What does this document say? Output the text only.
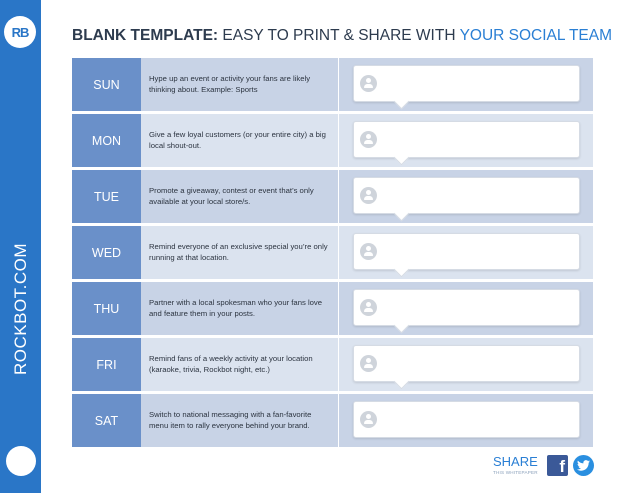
RB
ROCKBOT.COM
BLANK TEMPLATE: EASY TO PRINT & SHARE WITH YOUR SOCIAL TEAM
SUN	Hype up an event or activity your fans are likely thinking about. Example: Sports
MON	Give a few loyal customers (or your entire city) a big local shout-out.
TUE	Promote a giveaway, contest or event that’s only available at your local store/s.
WED	Remind everyone of an exclusive special you’re only running at that location.
THU	Partner with a local spokesman who your fans love and feature them in your posts.
FRI	Remind fans of a weekly activity at your location (karaoke, trivia, Rockbot night, etc.)
SAT	Switch to national messaging with a fan-favorite menu item to rally everyone behind your brand.
SHARE
THIS WHITEPAPER	f
